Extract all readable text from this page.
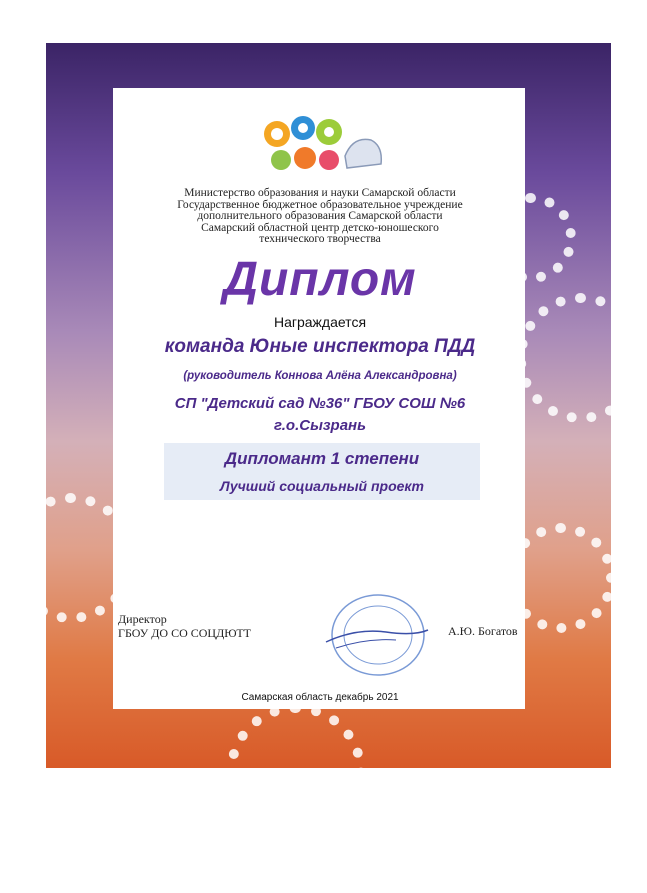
Министерство образования и науки Самарской области
Государственное бюджетное образовательное учреждение
дополнительного образования Самарской области
Самарский областной центр детско-юношеского
технического творчества
Диплом
Награждается
команда Юные инспектора ПДД
(руководитель Коннова Алёна Александровна)
СП "Детский сад №36" ГБОУ СОШ №6
г.о.Сызрань
Дипломант 1 степени
Лучший социальный проект
Директор
ГБОУ ДО СО СОЦДЮТТ	А.Ю. Богатов
Самарская область декабрь 2021
